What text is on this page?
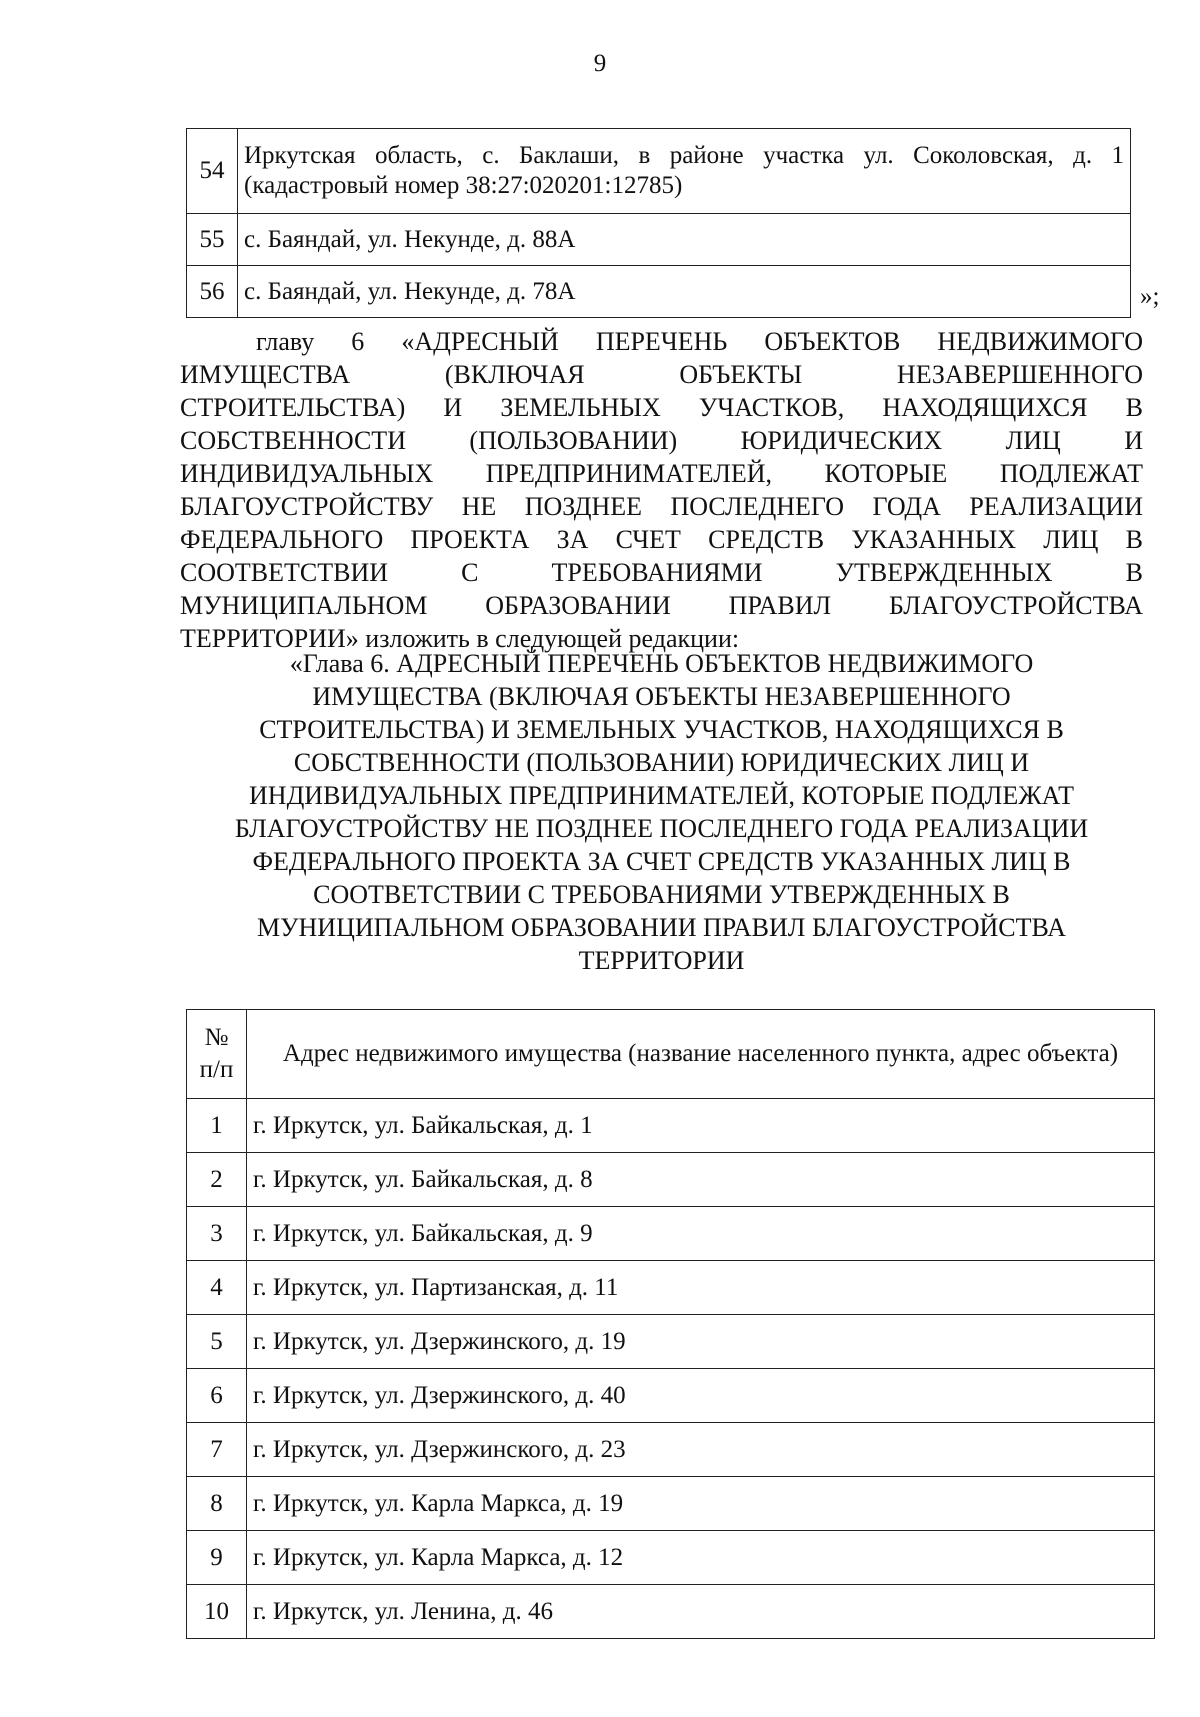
9
54	Иркутская область, с. Баклаши, в районе участка ул. Соколовская, д. 1 (кадастровый номер 38:27:020201:12785)
55	с. Баяндай, ул. Некунде, д. 88А
56	с. Баяндай, ул. Некунде, д. 78А	»;
главу 6 «АДРЕСНЫЙ ПЕРЕЧЕНЬ ОБЪЕКТОВ НЕДВИЖИМОГО
ИМУЩЕСТВА (ВКЛЮЧАЯ ОБЪЕКТЫ НЕЗАВЕРШЕННОГО
СТРОИТЕЛЬСТВА) И ЗЕМЕЛЬНЫХ УЧАСТКОВ, НАХОДЯЩИХСЯ В
СОБСТВЕННОСТИ (ПОЛЬЗОВАНИИ) ЮРИДИЧЕСКИХ ЛИЦ И
ИНДИВИДУАЛЬНЫХ ПРЕДПРИНИМАТЕЛЕЙ, КОТОРЫЕ ПОДЛЕЖАТ
БЛАГОУСТРОЙСТВУ НЕ ПОЗДНЕЕ ПОСЛЕДНЕГО ГОДА РЕАЛИЗАЦИИ
ФЕДЕРАЛЬНОГО ПРОЕКТА ЗА СЧЕТ СРЕДСТВ УКАЗАННЫХ ЛИЦ В
СООТВЕТСТВИИ С ТРЕБОВАНИЯМИ УТВЕРЖДЕННЫХ В
МУНИЦИПАЛЬНОМ ОБРАЗОВАНИИ ПРАВИЛ БЛАГОУСТРОЙСТВА
ТЕРРИТОРИИ» изложить в следующей редакции:
«Глава 6. АДРЕСНЫЙ ПЕРЕЧЕНЬ ОБЪЕКТОВ НЕДВИЖИМОГО
ИМУЩЕСТВА (ВКЛЮЧАЯ ОБЪЕКТЫ НЕЗАВЕРШЕННОГО
СТРОИТЕЛЬСТВА) И ЗЕМЕЛЬНЫХ УЧАСТКОВ, НАХОДЯЩИХСЯ В
СОБСТВЕННОСТИ (ПОЛЬЗОВАНИИ) ЮРИДИЧЕСКИХ ЛИЦ И
ИНДИВИДУАЛЬНЫХ ПРЕДПРИНИМАТЕЛЕЙ, КОТОРЫЕ ПОДЛЕЖАТ
БЛАГОУСТРОЙСТВУ НЕ ПОЗДНЕЕ ПОСЛЕДНЕГО ГОДА РЕАЛИЗАЦИИ
ФЕДЕРАЛЬНОГО ПРОЕКТА ЗА СЧЕТ СРЕДСТВ УКАЗАННЫХ ЛИЦ В
СООТВЕТСТВИИ С ТРЕБОВАНИЯМИ УТВЕРЖДЕННЫХ В
МУНИЦИПАЛЬНОМ ОБРАЗОВАНИИ ПРАВИЛ БЛАГОУСТРОЙСТВА
ТЕРРИТОРИИ
№
п/п	Адрес недвижимого имущества (название населенного пункта, адрес объекта)
1	г. Иркутск, ул. Байкальская, д. 1
2	г. Иркутск, ул. Байкальская, д. 8
3	г. Иркутск, ул. Байкальская, д. 9
4	г. Иркутск, ул. Партизанская, д. 11
5	г. Иркутск, ул. Дзержинского, д. 19
6	г. Иркутск, ул. Дзержинского, д. 40
7	г. Иркутск, ул. Дзержинского, д. 23
8	г. Иркутск, ул. Карла Маркса, д. 19
9	г. Иркутск, ул. Карла Маркса, д. 12
10	г. Иркутск, ул. Ленина, д. 46
